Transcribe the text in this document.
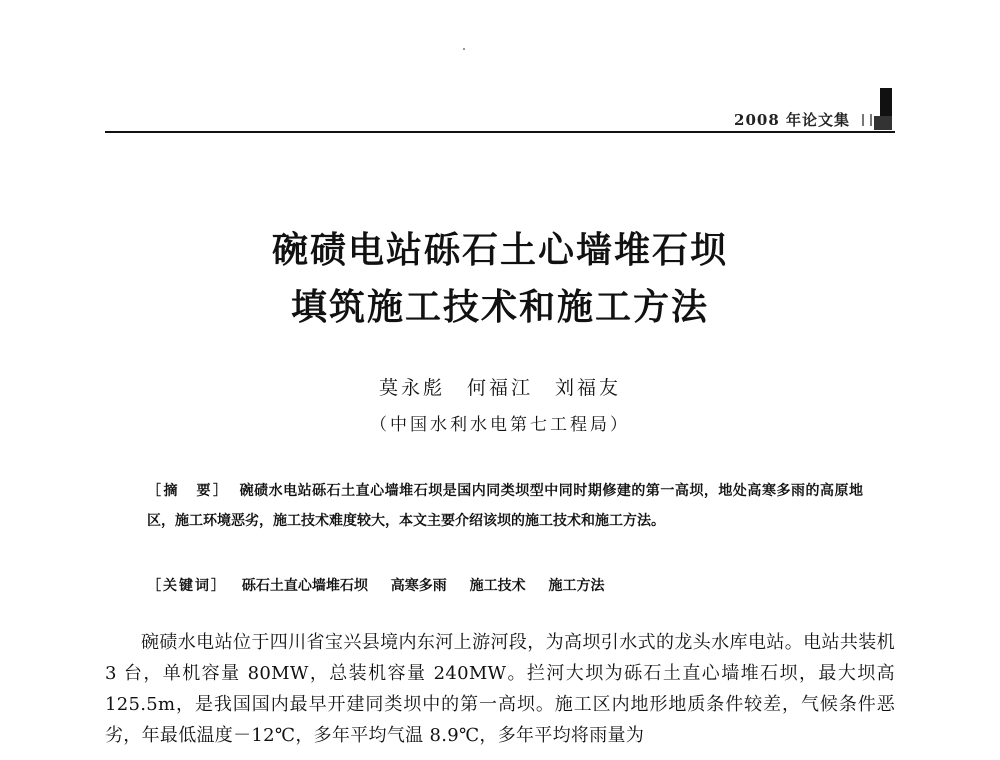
2008 年论文集
碗碛电站砾石土心墙堆石坝
填筑施工技术和施工方法
莫永彪　何福江　刘福友
（中国水利水电第七工程局）
［摘　要］ 碗碛水电站砾石土直心墙堆石坝是国内同类坝型中同时期修建的第一高坝，地处高寒多雨的高原地区，施工环境恶劣，施工技术难度较大，本文主要介绍该坝的施工技术和施工方法。
［关键词］ 砾石土直心墙堆石坝 高寒多雨 施工技术 施工方法
碗碛水电站位于四川省宝兴县境内东河上游河段，为高坝引水式的龙头水库电站。电站共装机 3 台，单机容量 80MW，总装机容量 240MW。拦河大坝为砾石土直心墙堆石坝，最大坝高 125.5m，是我国国内最早开建同类坝中的第一高坝。施工区内地形地质条件较差，气候条件恶劣，年最低温度－12℃，多年平均气温 8.9℃，多年平均将雨量为
